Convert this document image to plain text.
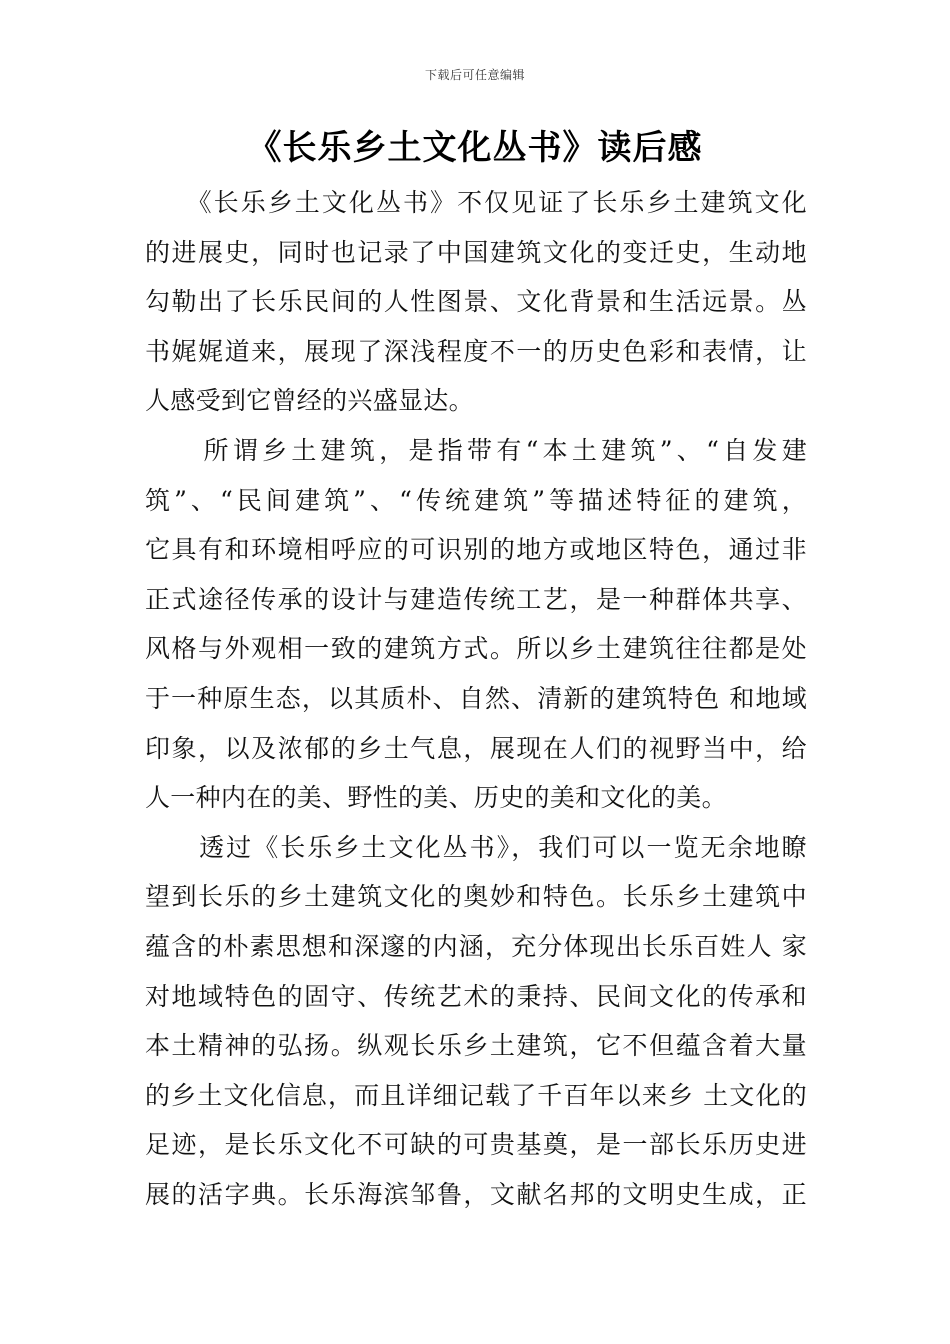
下载后可任意编辑
《长乐乡土文化丛书》读后感
　　《长乐乡土文化丛书》不仅见证了长乐乡土建筑文化
的进展史，同时也记录了中国建筑文化的变迁史，生动地
勾勒出了长乐民间的人性图景、文化背景和生活远景。丛
书娓娓道来，展现了深浅程度不一的历史色彩和表情，让
人感受到它曾经的兴盛显达。
　　所谓乡土建筑，是指带有“本土建筑”、“自发建
筑”、“民间建筑”、“传统建筑”等描述特征的建筑，
它具有和环境相呼应的可识别的地方或地区特色，通过非
正式途径传承的设计与建造传统工艺，是一种群体共享、
风格与外观相一致的建筑方式。所以乡土建筑往往都是处
于一种原生态，以其质朴、自然、清新的建筑特色 和地域
印象，以及浓郁的乡土气息，展现在人们的视野当中，给
人一种内在的美、野性的美、历史的美和文化的美。
　　透过《长乐乡土文化丛书》，我们可以一览无余地瞭
望到长乐的乡土建筑文化的奥妙和特色。长乐乡土建筑中
蕴含的朴素思想和深邃的内涵，充分体现出长乐百姓人 家
对地域特色的固守、传统艺术的秉持、民间文化的传承和
本土精神的弘扬。纵观长乐乡土建筑，它不但蕴含着大量
的乡土文化信息，而且详细记载了千百年以来乡 土文化的
足迹，是长乐文化不可缺的可贵基奠，是一部长乐历史进
展的活字典。长乐海滨邹鲁，文献名邦的文明史生成，正
